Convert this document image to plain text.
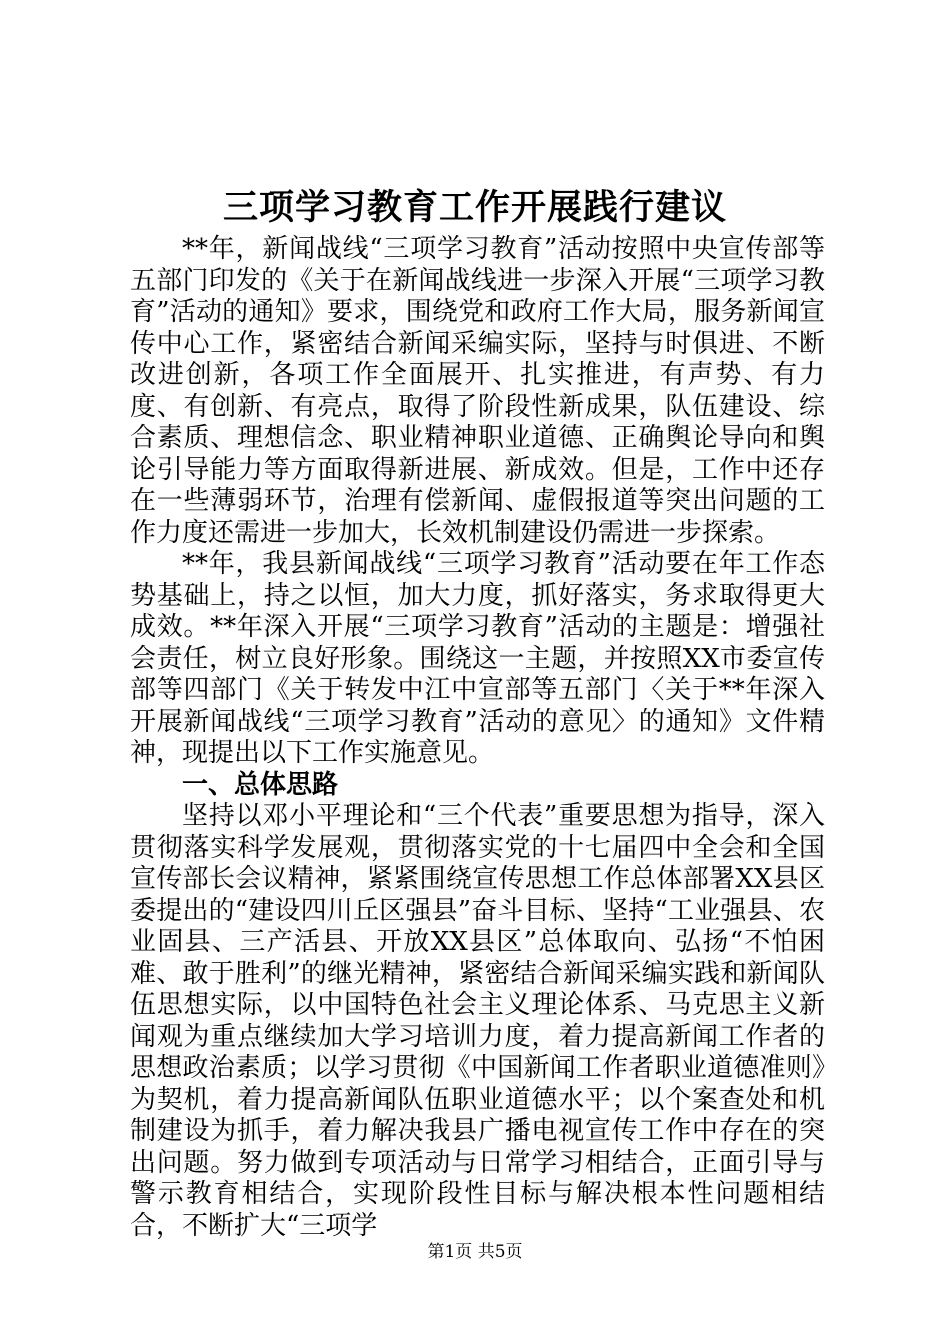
三项学习教育工作开展践行建议

**年，新闻战线“三项学习教育”活动按照中央宣传部等五部门印发的《关于在新闻战线进一步深入开展“三项学习教育”活动的通知》要求，围绕党和政府工作大局，服务新闻宣传中心工作，紧密结合新闻采编实际，坚持与时俱进、不断改进创新，各项工作全面展开、扎实推进，有声势、有力度、有创新、有亮点，取得了阶段性新成果，队伍建设、综合素质、理想信念、职业精神职业道德、正确舆论导向和舆论引导能力等方面取得新进展、新成效。但是，工作中还存在一些薄弱环节，治理有偿新闻、虚假报道等突出问题的工作力度还需进一步加大，长效机制建设仍需进一步探索。

**年，我县新闻战线“三项学习教育”活动要在年工作态势基础上，持之以恒，加大力度，抓好落实，务求取得更大成效。**年深入开展“三项学习教育”活动的主题是：增强社会责任，树立良好形象。围绕这一主题，并按照XX市委宣传部等四部门《关于转发中江中宣部等五部门〈关于**年深入开展新闻战线“三项学习教育”活动的意见〉的通知》文件精神，现提出以下工作实施意见。

一、总体思路

坚持以邓小平理论和“三个代表”重要思想为指导，深入贯彻落实科学发展观，贯彻落实党的十七届四中全会和全国宣传部长会议精神，紧紧围绕宣传思想工作总体部署XX县区委提出的“建设四川丘区强县”奋斗目标、坚持“工业强县、农业固县、三产活县、开放XX县区”总体取向、弘扬“不怕困难、敢于胜利”的继光精神，紧密结合新闻采编实践和新闻队伍思想实际，以中国特色社会主义理论体系、马克思主义新闻观为重点继续加大学习培训力度，着力提高新闻工作者的思想政治素质；以学习贯彻《中国新闻工作者职业道德准则》为契机，着力提高新闻队伍职业道德水平；以个案查处和机制建设为抓手，着力解决我县广播电视宣传工作中存在的突出问题。努力做到专项活动与日常学习相结合，正面引导与警示教育相结合，实现阶段性目标与解决根本性问题相结合，不断扩大“三项学

第1页 共5页
